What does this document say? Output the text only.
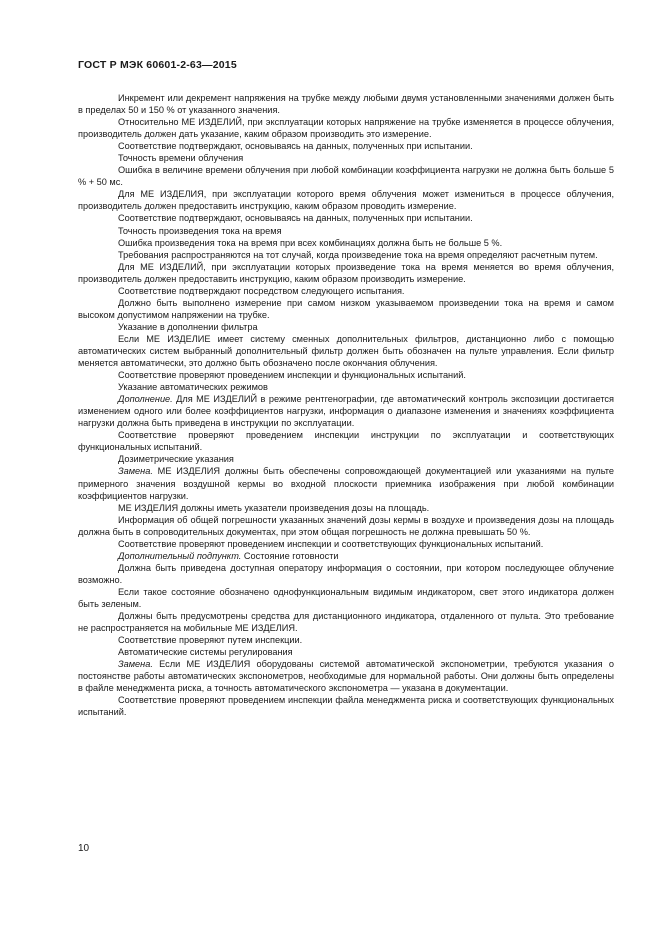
ГОСТ Р МЭК 60601-2-63—2015

Инкремент или декремент напряжения на трубке между любыми двумя установленными значениями должен быть в пределах 50 и 150 % от указанного значения.

Относительно МЕ ИЗДЕЛИЙ, при эксплуатации которых напряжение на трубке изменяется в процессе облучения, производитель должен дать указание, каким образом производить это измерение.

Соответствие подтверждают, основываясь на данных, полученных при испытании.

Точность времени облучения

Ошибка в величине времени облучения при любой комбинации коэффициента нагрузки не должна быть больше 5 % + 50 мс.

Для МЕ ИЗДЕЛИЯ, при эксплуатации которого время облучения может измениться в процессе облучения, производитель должен предоставить инструкцию, каким образом проводить измерение.

Соответствие подтверждают, основываясь на данных, полученных при испытании.

Точность произведения тока на время

Ошибка произведения тока на время при всех комбинациях должна быть не больше 5 %.

Требования распространяются на тот случай, когда произведение тока на время определяют расчетным путем.

Для МЕ ИЗДЕЛИЙ, при эксплуатации которых произведение тока на время меняется во время облучения, производитель должен предоставить инструкцию, каким образом производить измерение.

Соответствие подтверждают посредством следующего испытания.

Должно быть выполнено измерение при самом низком указываемом произведении тока на время и самом высоком допустимом напряжении на трубке.

Указание в дополнении фильтра

Если МЕ ИЗДЕЛИЕ имеет систему сменных дополнительных фильтров, дистанционно либо с помощью автоматических систем выбранный дополнительный фильтр должен быть обозначен на пульте управления. Если фильтр меняется автоматически, это должно быть обозначено после окончания облучения.

Соответствие проверяют проведением инспекции и функциональных испытаний.

Указание автоматических режимов

Дополнение. Для МЕ ИЗДЕЛИЙ в режиме рентгенографии, где автоматический контроль экспозиции достигается изменением одного или более коэффициентов нагрузки, информация о диапазоне изменения и значениях коэффициента нагрузки должна быть приведена в инструкции по эксплуатации.

Соответствие проверяют проведением инспекции инструкции по эксплуатации и соответствующих функциональных испытаний.

Дозиметрические указания

Замена. МЕ ИЗДЕЛИЯ должны быть обеспечены сопровождающей документацией или указаниями на пульте примерного значения воздушной кермы во входной плоскости приемника изображения при любой комбинации коэффициентов нагрузки.

МЕ ИЗДЕЛИЯ должны иметь указатели произведения дозы на площадь.

Информация об общей погрешности указанных значений дозы кермы в воздухе и произведения дозы на площадь должна быть в сопроводительных документах, при этом общая погрешность не должна превышать 50 %.

Соответствие проверяют проведением инспекции и соответствующих функциональных испытаний.

Дополнительный подпункт. Состояние готовности

Должна быть приведена доступная оператору информация о состоянии, при котором последующее облучение возможно.

Если такое состояние обозначено однофункциональным видимым индикатором, свет этого индикатора должен быть зеленым.

Должны быть предусмотрены средства для дистанционного индикатора, отдаленного от пульта. Это требование не распространяется на мобильные МЕ ИЗДЕЛИЯ.

Соответствие проверяют путем инспекции.

Автоматические системы регулирования

Замена. Если МЕ ИЗДЕЛИЯ оборудованы системой автоматической экспонометрии, требуются указания о постоянстве работы автоматических экспонометров, необходимые для нормальной работы. Они должны быть определены в файле менеджмента риска, а точность автоматического экспонометра — указана в документации.

Соответствие проверяют проведением инспекции файла менеджмента риска и соответствующих функциональных испытаний.

10
